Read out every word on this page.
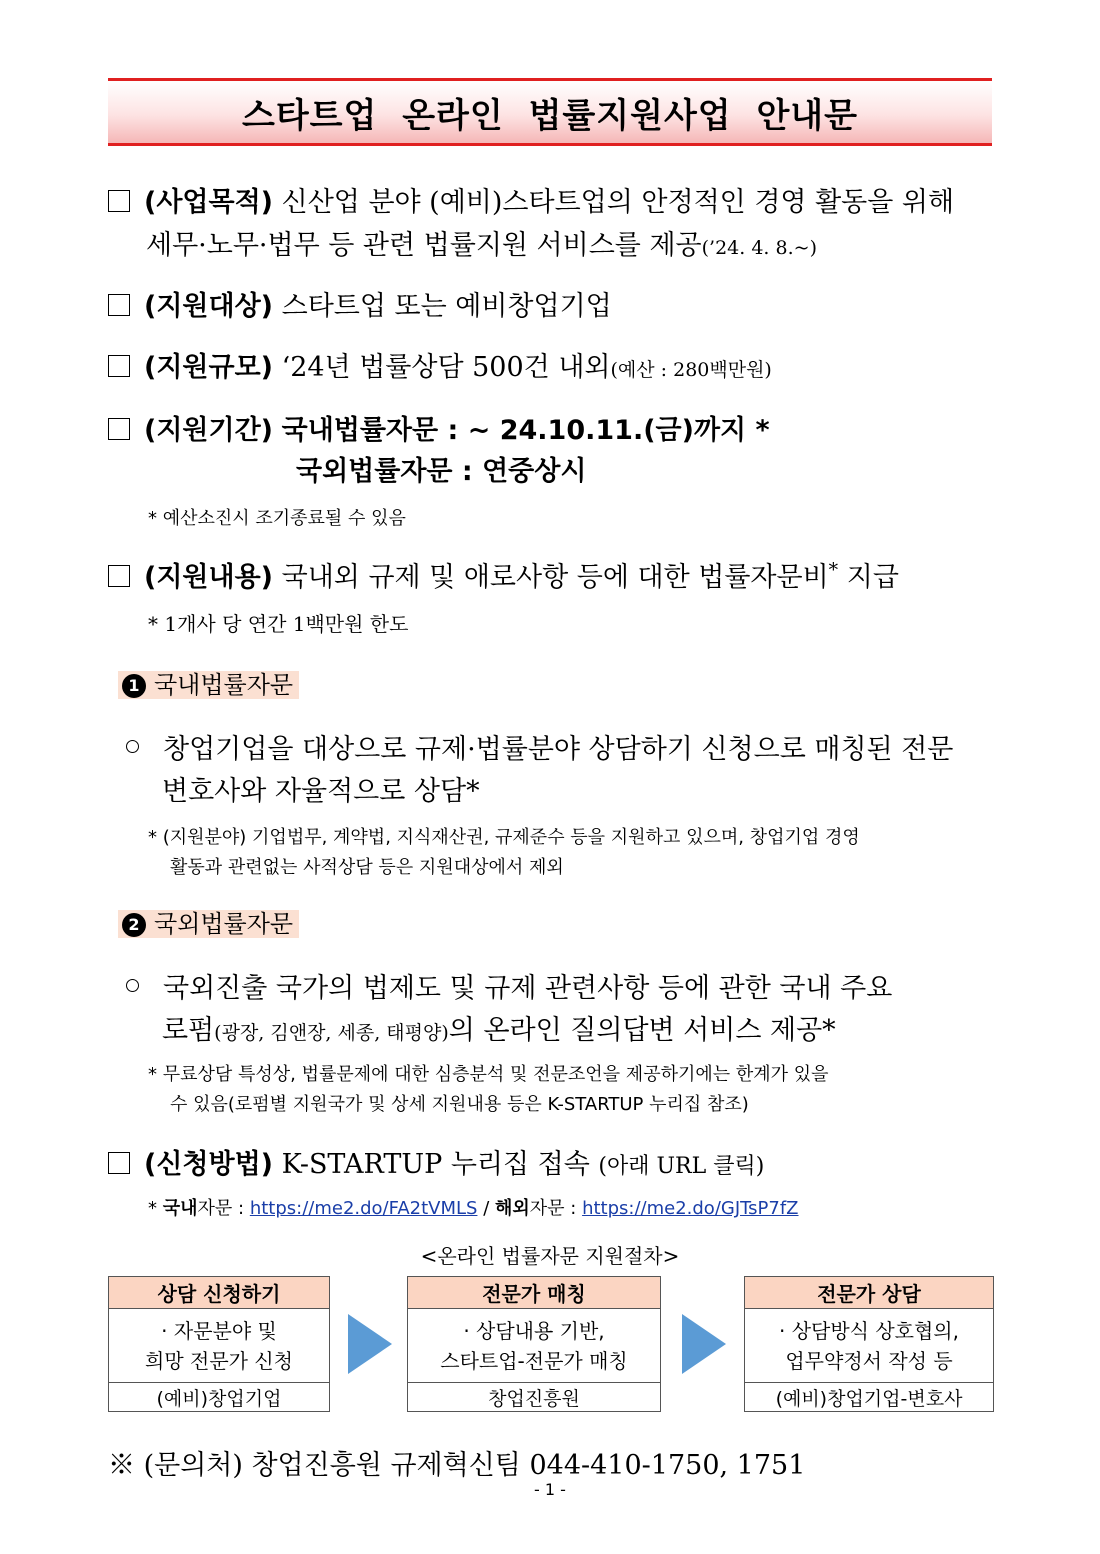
스타트업 온라인 법률지원사업 안내문
(사업목적) 신산업 분야 (예비)스타트업의 안정적인 경영 활동을 위해
세무·노무·법무 등 관련 법률지원 서비스를 제공(’24. 4. 8.~)
(지원대상) 스타트업 또는 예비창업기업
(지원규모) ‘24년 법률상담 500건 내외(예산 : 280백만원)
(지원기간) 국내법률자문 : ~ 24.10.11.(금)까지 *
국외법률자문 : 연중상시
* 예산소진시 조기종료될 수 있음
(지원내용) 국내외 규제 및 애로사항 등에 대한 법률자문비* 지급
* 1개사 당 연간 1백만원 한도
1 국내법률자문
창업기업을 대상으로 규제·법률분야 상담하기 신청으로 매칭된 전문
변호사와 자율적으로 상담*
* (지원분야) 기업법무, 계약법, 지식재산권, 규제준수 등을 지원하고 있으며, 창업기업 경영
활동과 관련없는 사적상담 등은 지원대상에서 제외
2 국외법률자문
국외진출 국가의 법제도 및 규제 관련사항 등에 관한 국내 주요
로펌(광장, 김앤장, 세종, 태평양)의 온라인 질의답변 서비스 제공*
* 무료상담 특성상, 법률문제에 대한 심층분석 및 전문조언을 제공하기에는 한계가 있을
수 있음(로펌별 지원국가 및 상세 지원내용 등은 K-STARTUP 누리집 참조)
(신청방법) K-STARTUP 누리집 접속 (아래 URL 클릭)
* 국내자문 : https://me2.do/FA2tVMLS / 해외자문 : https://me2.do/GJTsP7fZ
<온라인 법률자문 지원절차>
상담 신청하기
· 자문분야 및
희망 전문가 신청
(예비)창업기업
전문가 매칭
· 상담내용 기반,
스타트업-전문가 매칭
창업진흥원
전문가 상담
· 상담방식 상호협의,
업무약정서 작성 등
(예비)창업기업-변호사
※ (문의처) 창업진흥원 규제혁신팀 044-410-1750, 1751
- 1 -
